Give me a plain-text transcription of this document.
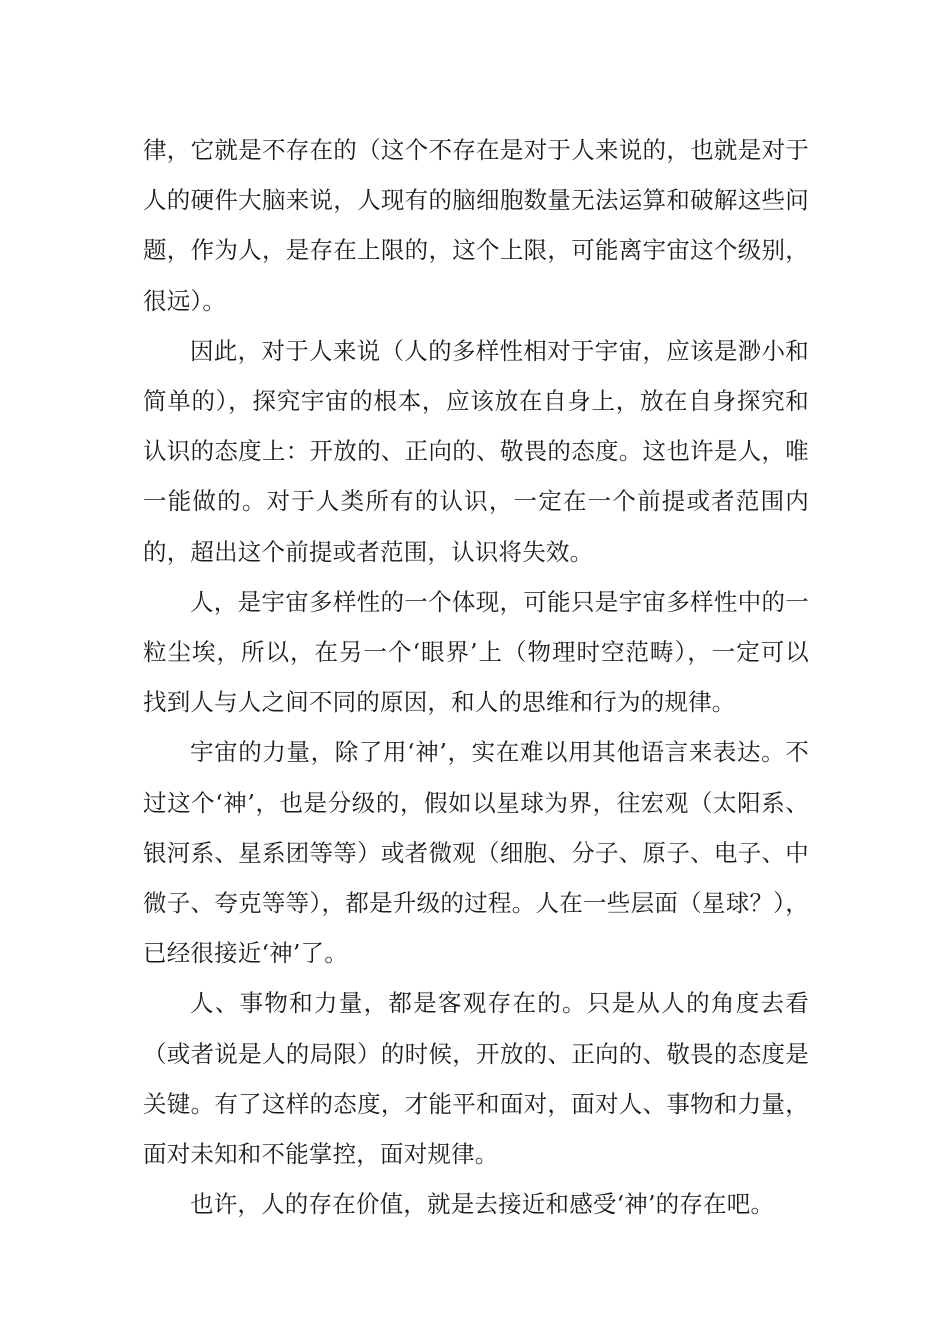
律，它就是不存在的（这个不存在是对于人来说的，也就是对于人的硬件大脑来说，人现有的脑细胞数量无法运算和破解这些问题，作为人，是存在上限的，这个上限，可能离宇宙这个级别，很远）。

因此，对于人来说（人的多样性相对于宇宙，应该是渺小和简单的），探究宇宙的根本，应该放在自身上，放在自身探究和认识的态度上：开放的、正向的、敬畏的态度。这也许是人，唯一能做的。对于人类所有的认识，一定在一个前提或者范围内的，超出这个前提或者范围，认识将失效。

人，是宇宙多样性的一个体现，可能只是宇宙多样性中的一粒尘埃，所以，在另一个‘眼界’上（物理时空范畴），一定可以找到人与人之间不同的原因，和人的思维和行为的规律。

宇宙的力量，除了用‘神’，实在难以用其他语言来表达。不过这个‘神’，也是分级的，假如以星球为界，往宏观（太阳系、银河系、星系团等等）或者微观（细胞、分子、原子、电子、中微子、夸克等等），都是升级的过程。人在一些层面（星球？），已经很接近‘神’了。

人、事物和力量，都是客观存在的。只是从人的角度去看（或者说是人的局限）的时候，开放的、正向的、敬畏的态度是关键。有了这样的态度，才能平和面对，面对人、事物和力量，面对未知和不能掌控，面对规律。

也许，人的存在价值，就是去接近和感受‘神’的存在吧。
